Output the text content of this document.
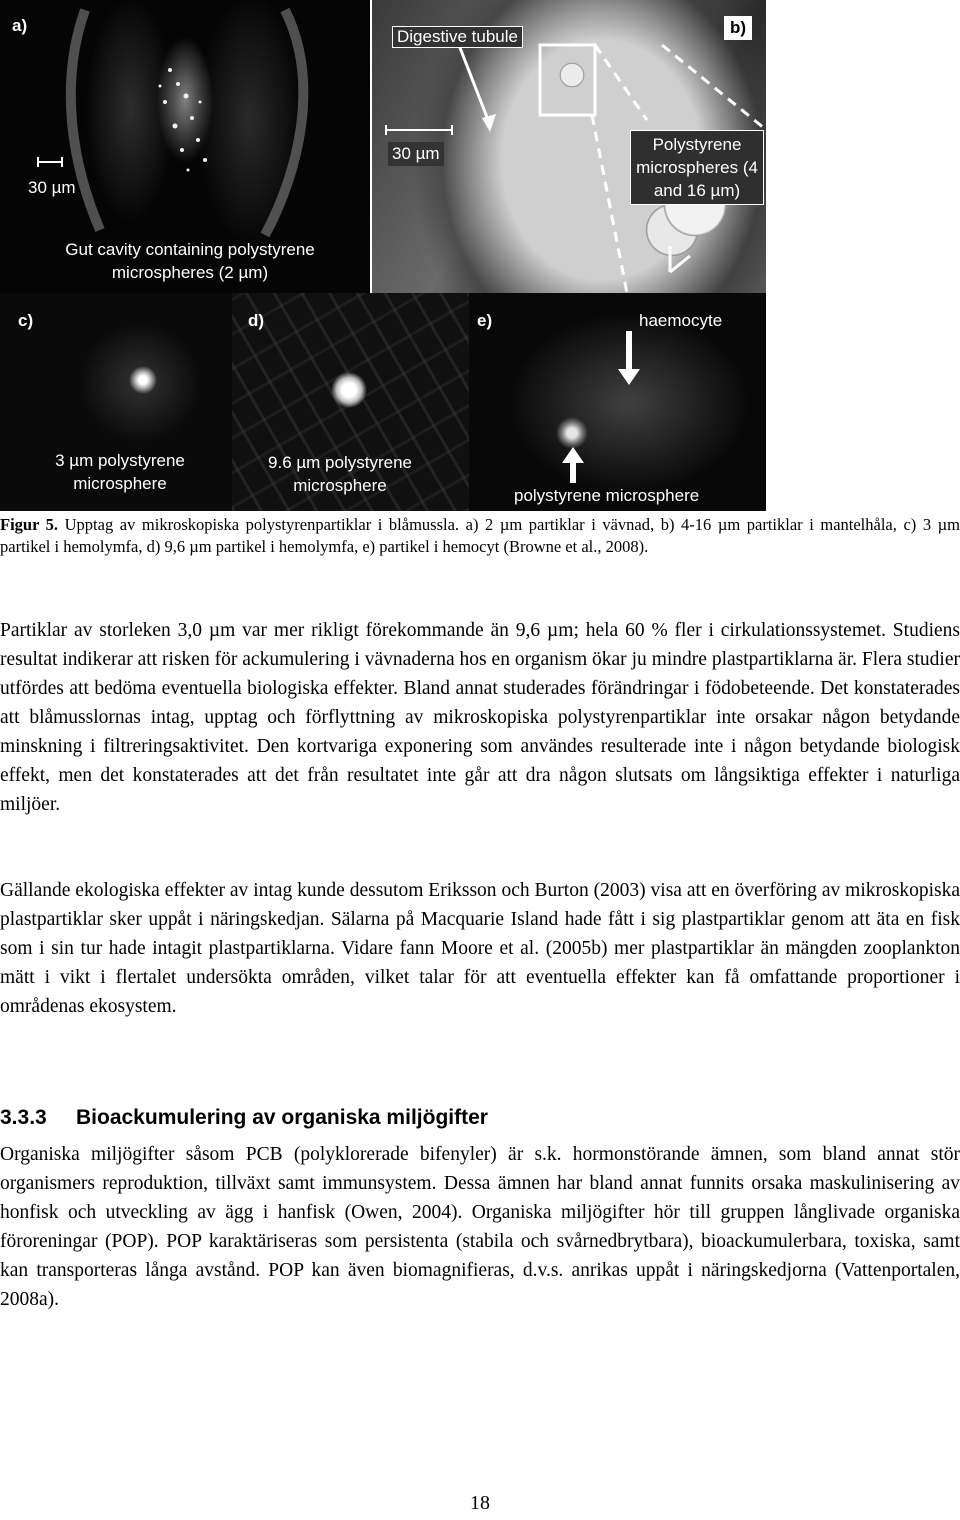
a)
30 µm
Gut cavity containing polystyrene microspheres (2 µm)
Digestive tubule	b)
30 µm	Polystyrene microspheres (4 and 16 µm)
c)
3 µm polystyrene microsphere
d)
9.6 µm polystyrene microsphere
e)	haemocyte
polystyrene microsphere
Figur 5. Upptag av mikroskopiska polystyrenpartiklar i blåmussla. a) 2 µm partiklar i vävnad, b) 4-16 µm partiklar i mantelhåla, c) 3 µm partikel i hemolymfa, d) 9,6 µm partikel i hemolymfa, e) partikel i hemocyt (Browne et al., 2008).

Partiklar av storleken 3,0 µm var mer rikligt förekommande än 9,6 µm; hela 60 % fler i cirkulationssystemet. Studiens resultat indikerar att risken för ackumulering i vävnaderna hos en organism ökar ju mindre plastpartiklarna är. Flera studier utfördes att bedöma eventuella biologiska effekter. Bland annat studerades förändringar i födobeteende. Det konstaterades att blåmusslornas intag, upptag och förflyttning av mikroskopiska polystyrenpartiklar inte orsakar någon betydande minskning i filtreringsaktivitet. Den kortvariga exponering som användes resulterade inte i någon betydande biologisk effekt, men det konstaterades att det från resultatet inte går att dra någon slutsats om långsiktiga effekter i naturliga miljöer.

Gällande ekologiska effekter av intag kunde dessutom Eriksson och Burton (2003) visa att en överföring av mikroskopiska plastpartiklar sker uppåt i näringskedjan. Sälarna på Macquarie Island hade fått i sig plastpartiklar genom att äta en fisk som i sin tur hade intagit plastpartiklarna. Vidare fann Moore et al. (2005b) mer plastpartiklar än mängden zooplankton mätt i vikt i flertalet undersökta områden, vilket talar för att eventuella effekter kan få omfattande proportioner i områdenas ekosystem.

3.3.3 Bioackumulering av organiska miljögifter

Organiska miljögifter såsom PCB (polyklorerade bifenyler) är s.k. hormonstörande ämnen, som bland annat stör organismers reproduktion, tillväxt samt immunsystem. Dessa ämnen har bland annat funnits orsaka maskulinisering av honfisk och utveckling av ägg i hanfisk (Owen, 2004). Organiska miljögifter hör till gruppen långlivade organiska föroreningar (POP). POP karaktäriseras som persistenta (stabila och svårnedbrytbara), bioackumulerbara, toxiska, samt kan transporteras långa avstånd. POP kan även biomagnifieras, d.v.s. anrikas uppåt i näringskedjorna (Vattenportalen, 2008a).

18
